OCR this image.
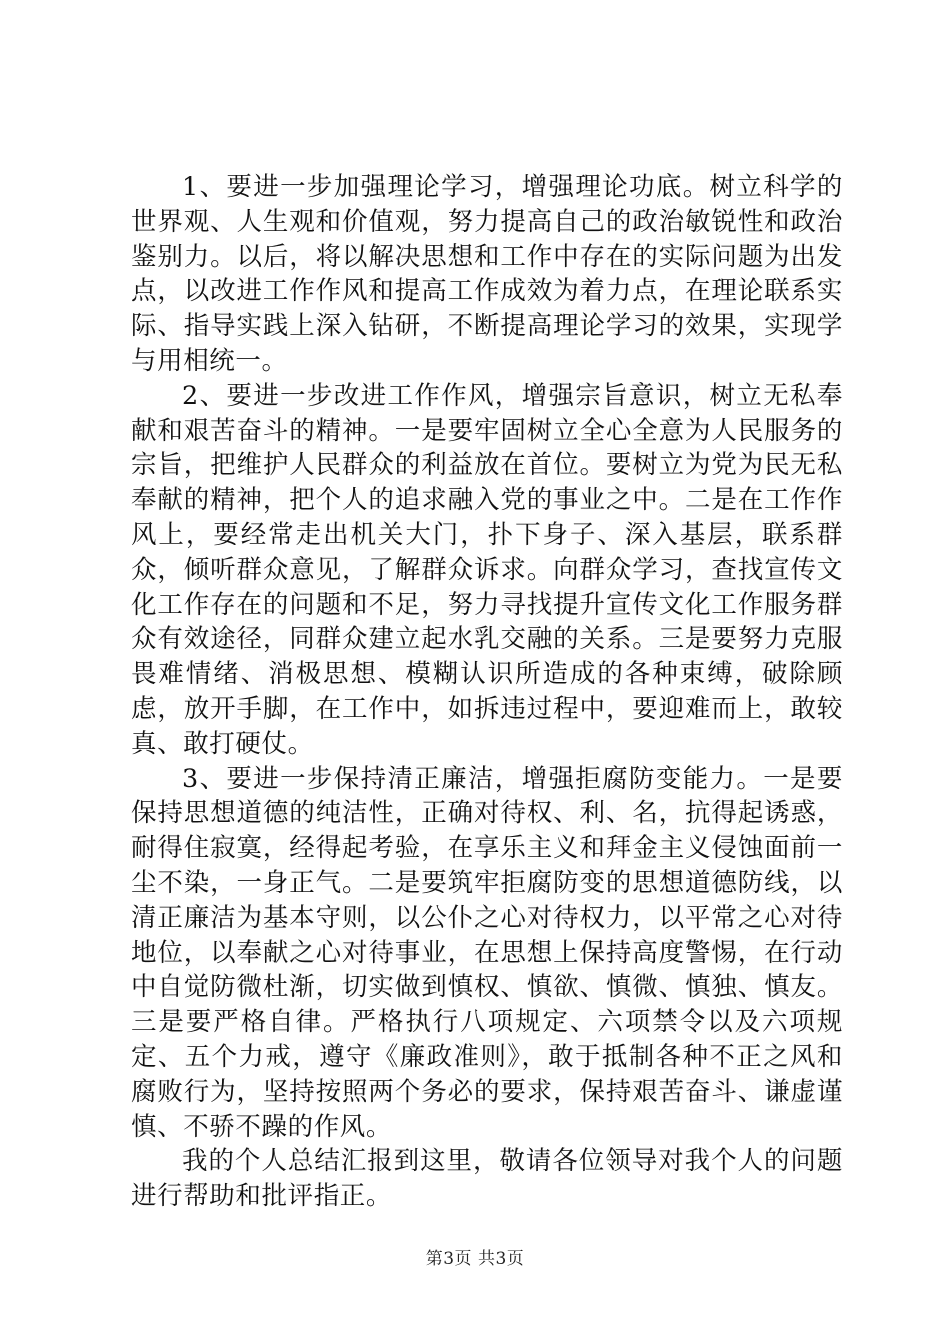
1、要进一步加强理论学习，增强理论功底。树立科学的世界观、人生观和价值观，努力提高自己的政治敏锐性和政治鉴别力。以后，将以解决思想和工作中存在的实际问题为出发点，以改进工作作风和提高工作成效为着力点，在理论联系实际、指导实践上深入钻研，不断提高理论学习的效果，实现学与用相统一。

2、要进一步改进工作作风，增强宗旨意识，树立无私奉献和艰苦奋斗的精神。一是要牢固树立全心全意为人民服务的宗旨，把维护人民群众的利益放在首位。要树立为党为民无私奉献的精神，把个人的追求融入党的事业之中。二是在工作作风上，要经常走出机关大门，扑下身子、深入基层，联系群众，倾听群众意见，了解群众诉求。向群众学习，查找宣传文化工作存在的问题和不足，努力寻找提升宣传文化工作服务群众有效途径，同群众建立起水乳交融的关系。三是要努力克服畏难情绪、消极思想、模糊认识所造成的各种束缚，破除顾虑，放开手脚，在工作中，如拆违过程中，要迎难而上，敢较真、敢打硬仗。

3、要进一步保持清正廉洁，增强拒腐防变能力。一是要保持思想道德的纯洁性，正确对待权、利、名，抗得起诱惑，耐得住寂寞，经得起考验，在享乐主义和拜金主义侵蚀面前一尘不染，一身正气。二是要筑牢拒腐防变的思想道德防线，以清正廉洁为基本守则，以公仆之心对待权力，以平常之心对待地位，以奉献之心对待事业，在思想上保持高度警惕，在行动中自觉防微杜渐，切实做到慎权、慎欲、慎微、慎独、慎友。三是要严格自律。严格执行八项规定、六项禁令以及六项规定、五个力戒，遵守《廉政准则》，敢于抵制各种不正之风和腐败行为，坚持按照两个务必的要求，保持艰苦奋斗、谦虚谨慎、不骄不躁的作风。

我的个人总结汇报到这里，敬请各位领导对我个人的问题进行帮助和批评指正。

第3页 共3页
